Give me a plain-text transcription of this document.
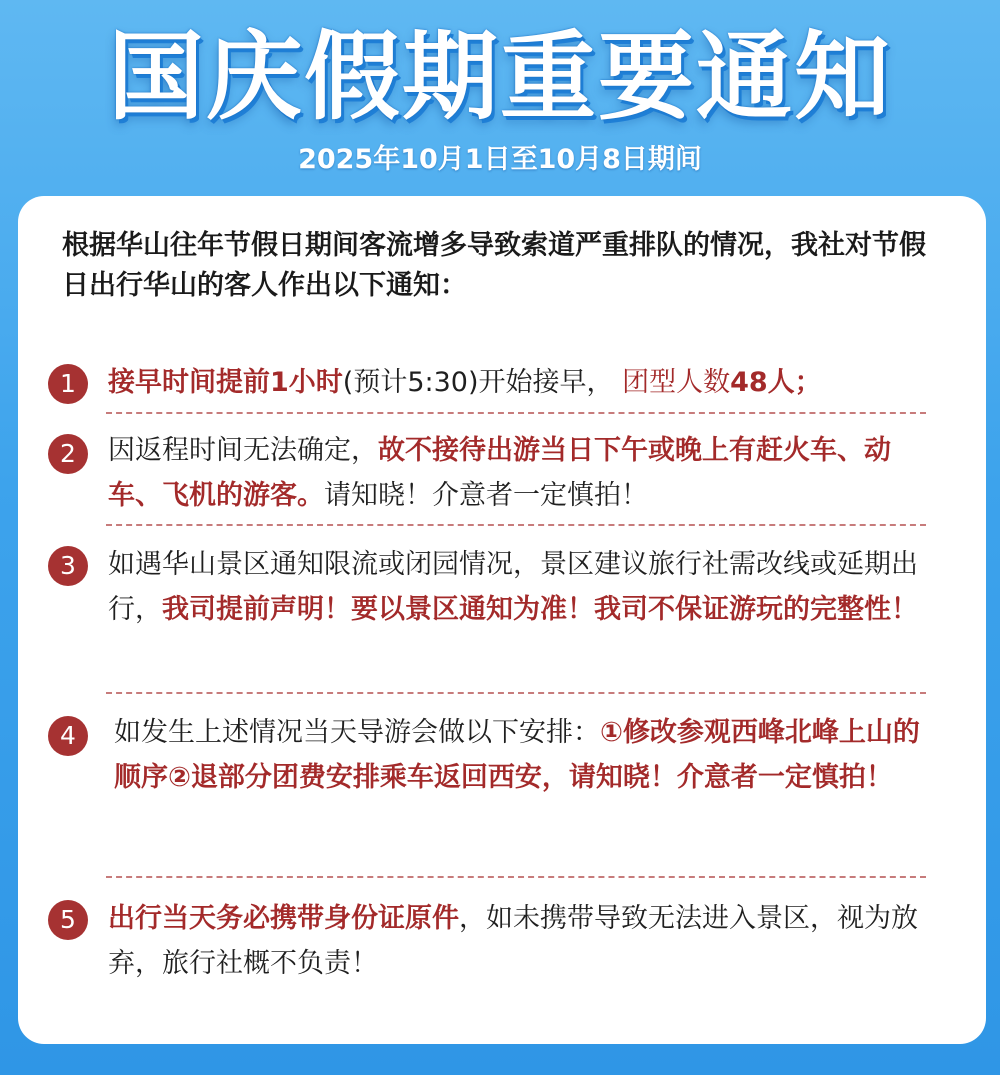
国庆假期重要通知
2025年10月1日至10月8日期间
根据华山往年节假日期间客流增多导致索道严重排队的情况，我社对节假日出行华山的客人作出以下通知：
1	接早时间提前1小时(预计5:30)开始接早， 团型人数48人；
2	因返程时间无法确定，故不接待出游当日下午或晚上有赶火车、动车、飞机的游客。请知晓！介意者一定慎拍！
3	如遇华山景区通知限流或闭园情况，景区建议旅行社需改线或延期出行，我司提前声明！要以景区通知为准！我司不保证游玩的完整性！
4	如发生上述情况当天导游会做以下安排：①修改参观西峰北峰上山的顺序②退部分团费安排乘车返回西安，请知晓！介意者一定慎拍！
5	出行当天务必携带身份证原件，如未携带导致无法进入景区，视为放弃，旅行社概不负责！
